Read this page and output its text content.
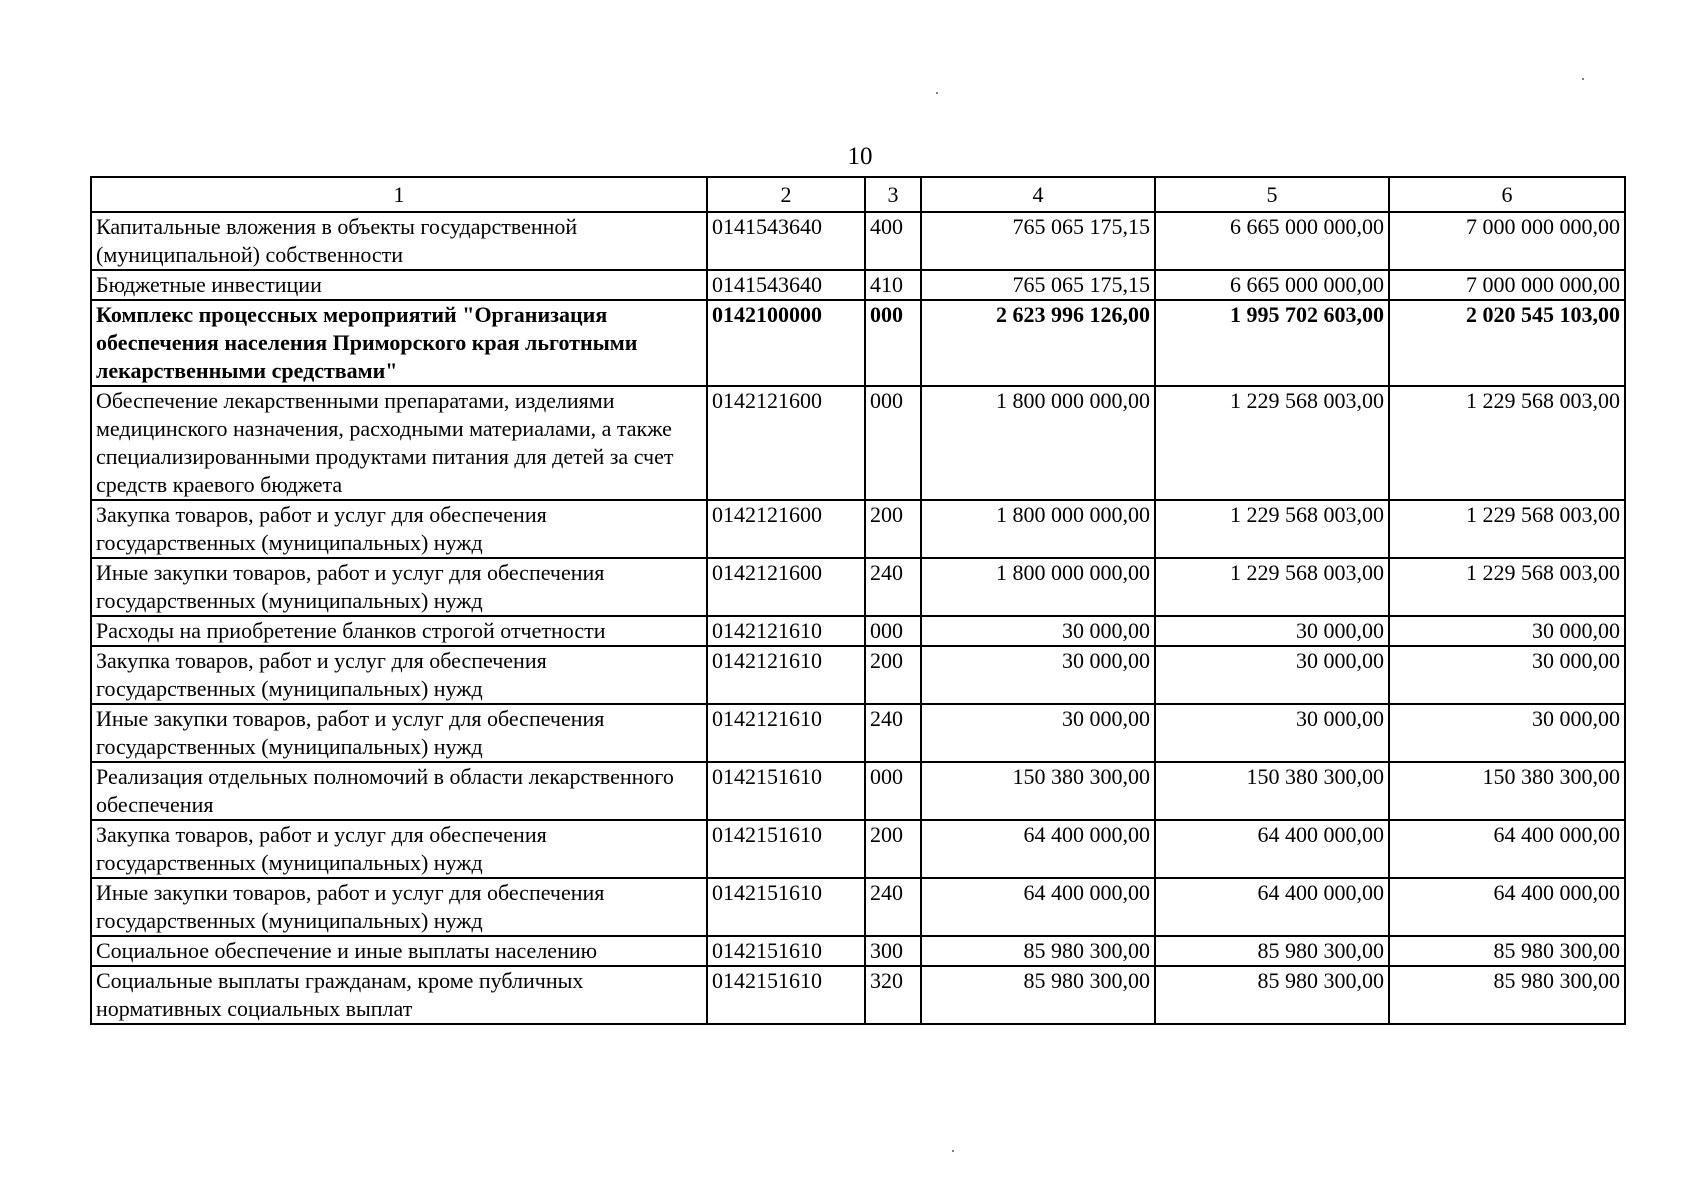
10
1	2	3	4	5	6
Капитальные вложения в объекты государственной (муниципальной) собственности	0141543640	400	765 065 175,15	6 665 000 000,00	7 000 000 000,00
Бюджетные инвестиции	0141543640	410	765 065 175,15	6 665 000 000,00	7 000 000 000,00
Комплекс процессных мероприятий "Организация обеспечения населения Приморского края льготными лекарственными средствами"	0142100000	000	2 623 996 126,00	1 995 702 603,00	2 020 545 103,00
Обеспечение лекарственными препаратами, изделиями медицинского назначения, расходными материалами, а также специализированными продуктами питания для детей за счет средств краевого бюджета	0142121600	000	1 800 000 000,00	1 229 568 003,00	1 229 568 003,00
Закупка товаров, работ и услуг для обеспечения государственных (муниципальных) нужд	0142121600	200	1 800 000 000,00	1 229 568 003,00	1 229 568 003,00
Иные закупки товаров, работ и услуг для обеспечения государственных (муниципальных) нужд	0142121600	240	1 800 000 000,00	1 229 568 003,00	1 229 568 003,00
Расходы на приобретение бланков строгой отчетности	0142121610	000	30 000,00	30 000,00	30 000,00
Закупка товаров, работ и услуг для обеспечения государственных (муниципальных) нужд	0142121610	200	30 000,00	30 000,00	30 000,00
Иные закупки товаров, работ и услуг для обеспечения государственных (муниципальных) нужд	0142121610	240	30 000,00	30 000,00	30 000,00
Реализация отдельных полномочий в области лекарственного обеспечения	0142151610	000	150 380 300,00	150 380 300,00	150 380 300,00
Закупка товаров, работ и услуг для обеспечения государственных (муниципальных) нужд	0142151610	200	64 400 000,00	64 400 000,00	64 400 000,00
Иные закупки товаров, работ и услуг для обеспечения государственных (муниципальных) нужд	0142151610	240	64 400 000,00	64 400 000,00	64 400 000,00
Социальное обеспечение и иные выплаты населению	0142151610	300	85 980 300,00	85 980 300,00	85 980 300,00
Социальные выплаты гражданам, кроме публичных нормативных социальных выплат	0142151610	320	85 980 300,00	85 980 300,00	85 980 300,00
